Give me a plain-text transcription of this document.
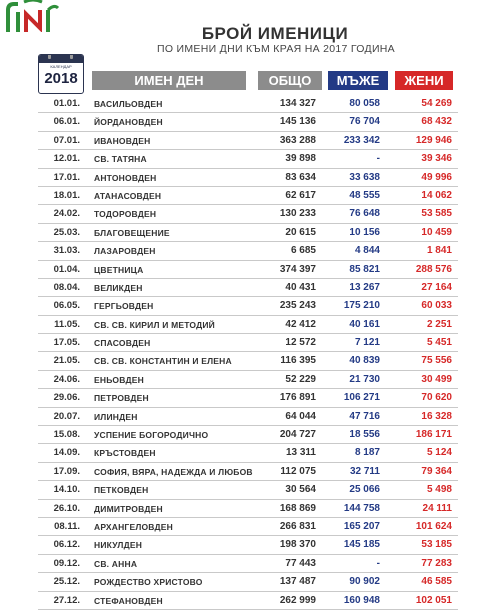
БРОЙ ИМЕНИЦИ
ПО ИМЕНИ ДНИ КЪМ КРАЯ НА 2017 ГОДИНА
КАЛЕНДАР
2018	ИМЕН ДЕН	ОБЩО	МЪЖЕ	ЖЕНИ
01.01. ВАСИЛЬОВДЕН	134 327	80 058	54 269
06.01. ЙОРДАНОВДЕН	145 136	76 704	68 432
07.01. ИВАНОВДЕН	363 288	233 342	129 946
12.01. СВ. ТАТЯНА	39 898	-	39 346
17.01. АНТОНОВДЕН	83 634	33 638	49 996
18.01. АТАНАСОВДЕН	62 617	48 555	14 062
24.02. ТОДОРОВДЕН	130 233	76 648	53 585
25.03. БЛАГОВЕЩЕНИЕ	20 615	10 156	10 459
31.03. ЛАЗАРОВДЕН	6 685	4 844	1 841
01.04. ЦВЕТНИЦА	374 397	85 821	288 576
08.04. ВЕЛИКДЕН	40 431	13 267	27 164
06.05. ГЕРГЬОВДЕН	235 243	175 210	60 033
11.05. СВ. СВ. КИРИЛ И МЕТОДИЙ	42 412	40 161	2 251
17.05. СПАСОВДЕН	12 572	7 121	5 451
21.05. СВ. СВ. КОНСТАНТИН И ЕЛЕНА	116 395	40 839	75 556
24.06. ЕНЬОВДЕН	52 229	21 730	30 499
29.06. ПЕТРОВДЕН	176 891	106 271	70 620
20.07. ИЛИНДЕН	64 044	47 716	16 328
15.08. УСПЕНИЕ БОГОРОДИЧНО	204 727	18 556	186 171
14.09. КРЪСТОВДЕН	13 311	8 187	5 124
17.09. СОФИЯ, ВЯРА, НАДЕЖДА И ЛЮБОВ	112 075	32 711	79 364
14.10. ПЕТКОВДЕН	30 564	25 066	5 498
26.10. ДИМИТРОВДЕН	168 869	144 758	24 111
08.11. АРХАНГЕЛОВДЕН	266 831	165 207	101 624
06.12. НИКУЛДЕН	198 370	145 185	53 185
09.12. СВ. АННА	77 443	-	77 283
25.12. РОЖДЕСТВО ХРИСТОВО	137 487	90 902	46 585
27.12. СТЕФАНОВДЕН	262 999	160 948	102 051
